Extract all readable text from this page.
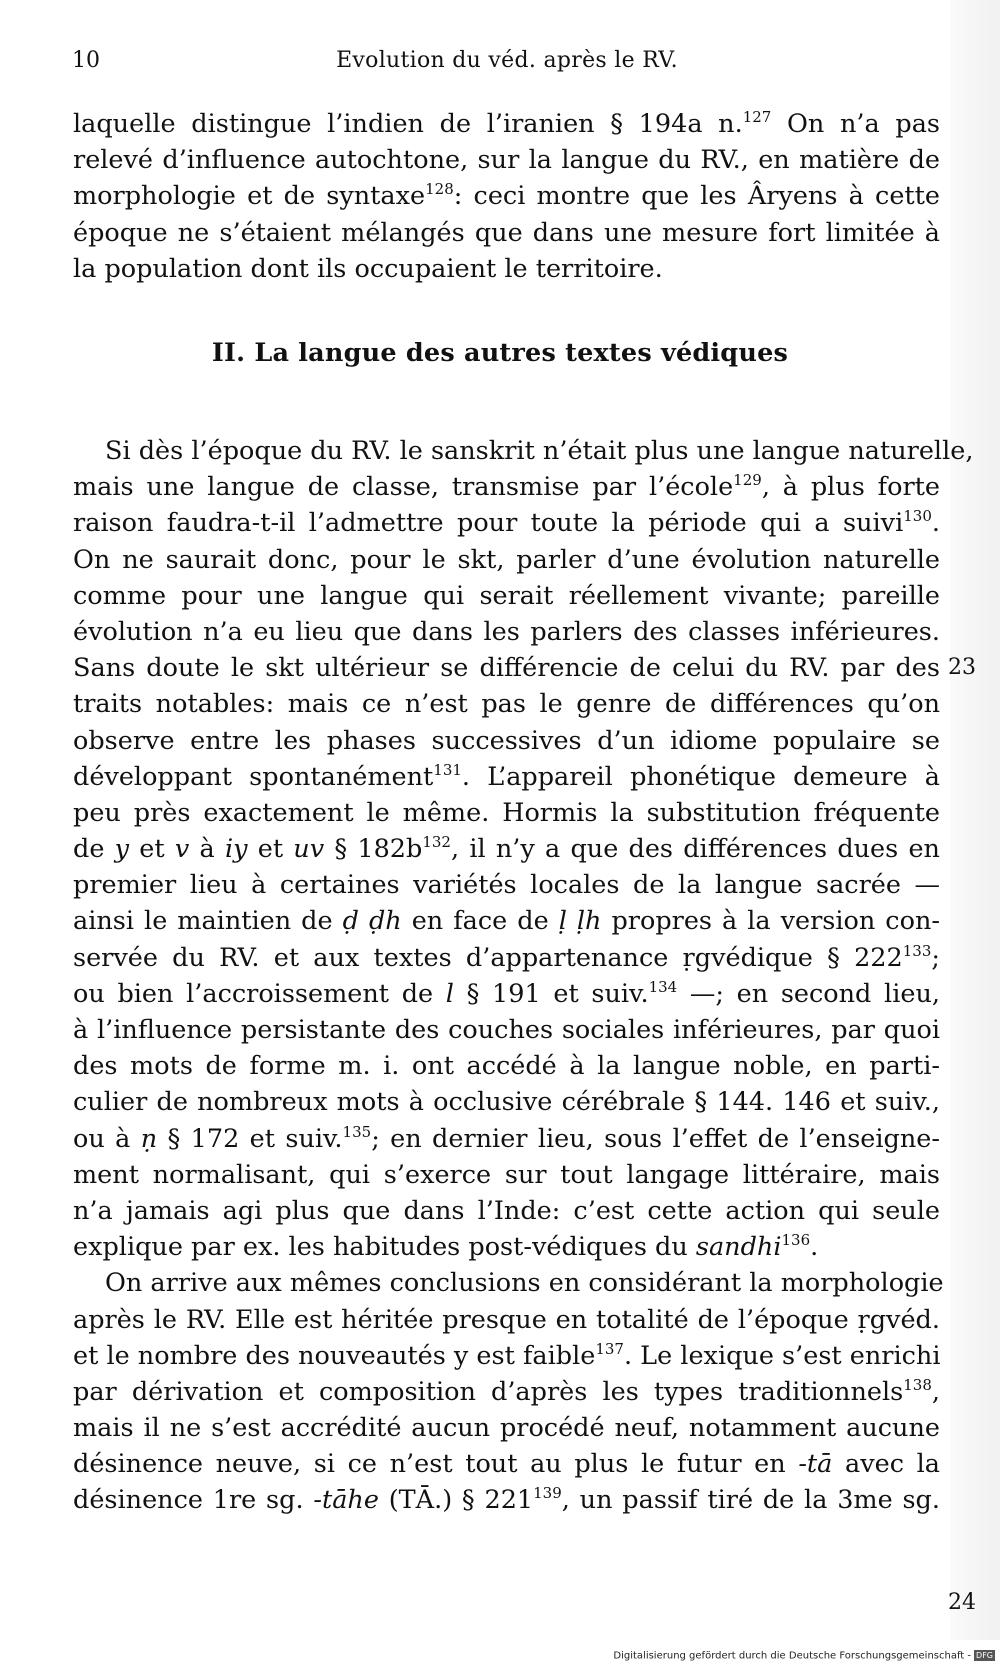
10	Evolution du véd. après le RV.
laquelle distingue l’indien de l’iranien § 194a n.$^{127}$ On n’a pas
relevé d’influence autochtone, sur la langue du RV., en matière de
morphologie et de syntaxe$^{128}$: ceci montre que les Âryens à cette
époque ne s’étaient mélangés que dans une mesure fort limitée à
la population dont ils occupaient le territoire.
II. La langue des autres textes védiques
Si dès l’époque du RV. le sanskrit n’était plus une langue naturelle,
mais une langue de classe, transmise par l’école$^{129}$, à plus forte
raison faudra-t-il l’admettre pour toute la période qui a suivi$^{130}$.
On ne saurait donc, pour le skt, parler d’une évolution naturelle
comme pour une langue qui serait réellement vivante; pareille
évolution n’a eu lieu que dans les parlers des classes inférieures.
Sans doute le skt ultérieur se différencie de celui du RV. par des
traits notables: mais ce n’est pas le genre de différences qu’on
observe entre les phases successives d’un idiome populaire se
développant spontanément$^{131}$. L’appareil phonétique demeure à
peu près exactement le même. Hormis la substitution fréquente
de y et v à iy et uv § $182b^{132}$, il n’y a que des différences dues en
premier lieu à certaines variétés locales de la langue sacrée —
ainsi le maintien de ḍ ḍh en face de ḷ ḷh propres à la version con-
servée du RV. et aux textes d’appartenance ṛgvédique § $222^{133}$;
ou bien l’accroissement de l § 191 et suiv.$^{134}$ —; en second lieu,
à l’influence persistante des couches sociales inférieures, par quoi
des mots de forme m. i. ont accédé à la langue noble, en parti-
culier de nombreux mots à occlusive cérébrale § 144. 146 et suiv.,
ou à ṇ § 172 et suiv.$^{135}$; en dernier lieu, sous l’effet de l’enseigne-
ment normalisant, qui s’exerce sur tout langage littéraire, mais
n’a jamais agi plus que dans l’Inde: c’est cette action qui seule
explique par ex. les habitudes post-védiques du sandhi$^{136}$.
On arrive aux mêmes conclusions en considérant la morphologie
après le RV. Elle est héritée presque en totalité de l’époque ṛgvéd.
et le nombre des nouveautés y est faible$^{137}$. Le lexique s’est enrichi
par dérivation et composition d’après les types traditionnels$^{138}$,
mais il ne s’est accrédité aucun procédé neuf, notamment aucune
désinence neuve, si ce n’est tout au plus le futur en -tā avec la
désinence 1re sg. -tāhe (TĀ.) § $221^{139}$, un passif tiré de la 3me sg.
23
24
Digitalisierung gefördert durch die Deutsche Forschungsgemeinschaft - DFG
